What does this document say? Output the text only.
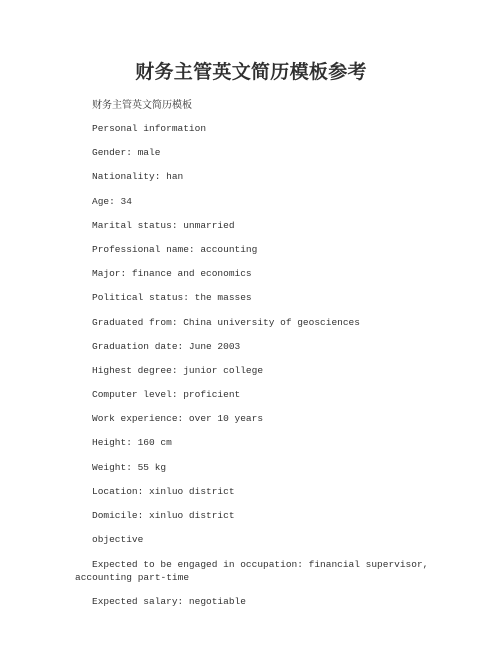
财务主管英文简历模板参考
财务主管英文简历模板
Personal information
Gender: male
Nationality: han
Age: 34
Marital status: unmarried
Professional name: accounting
Major: finance and economics
Political status: the masses
Graduated from: China university of geosciences
Graduation date: June 2003
Highest degree: junior college
Computer level: proficient
Work experience: over 10 years
Height: 160 cm
Weight: 55 kg
Location: xinluo district
Domicile: xinluo district
objective
Expected to be engaged in occupation: financial supervisor, accounting part-time
Expected salary: negotiable
